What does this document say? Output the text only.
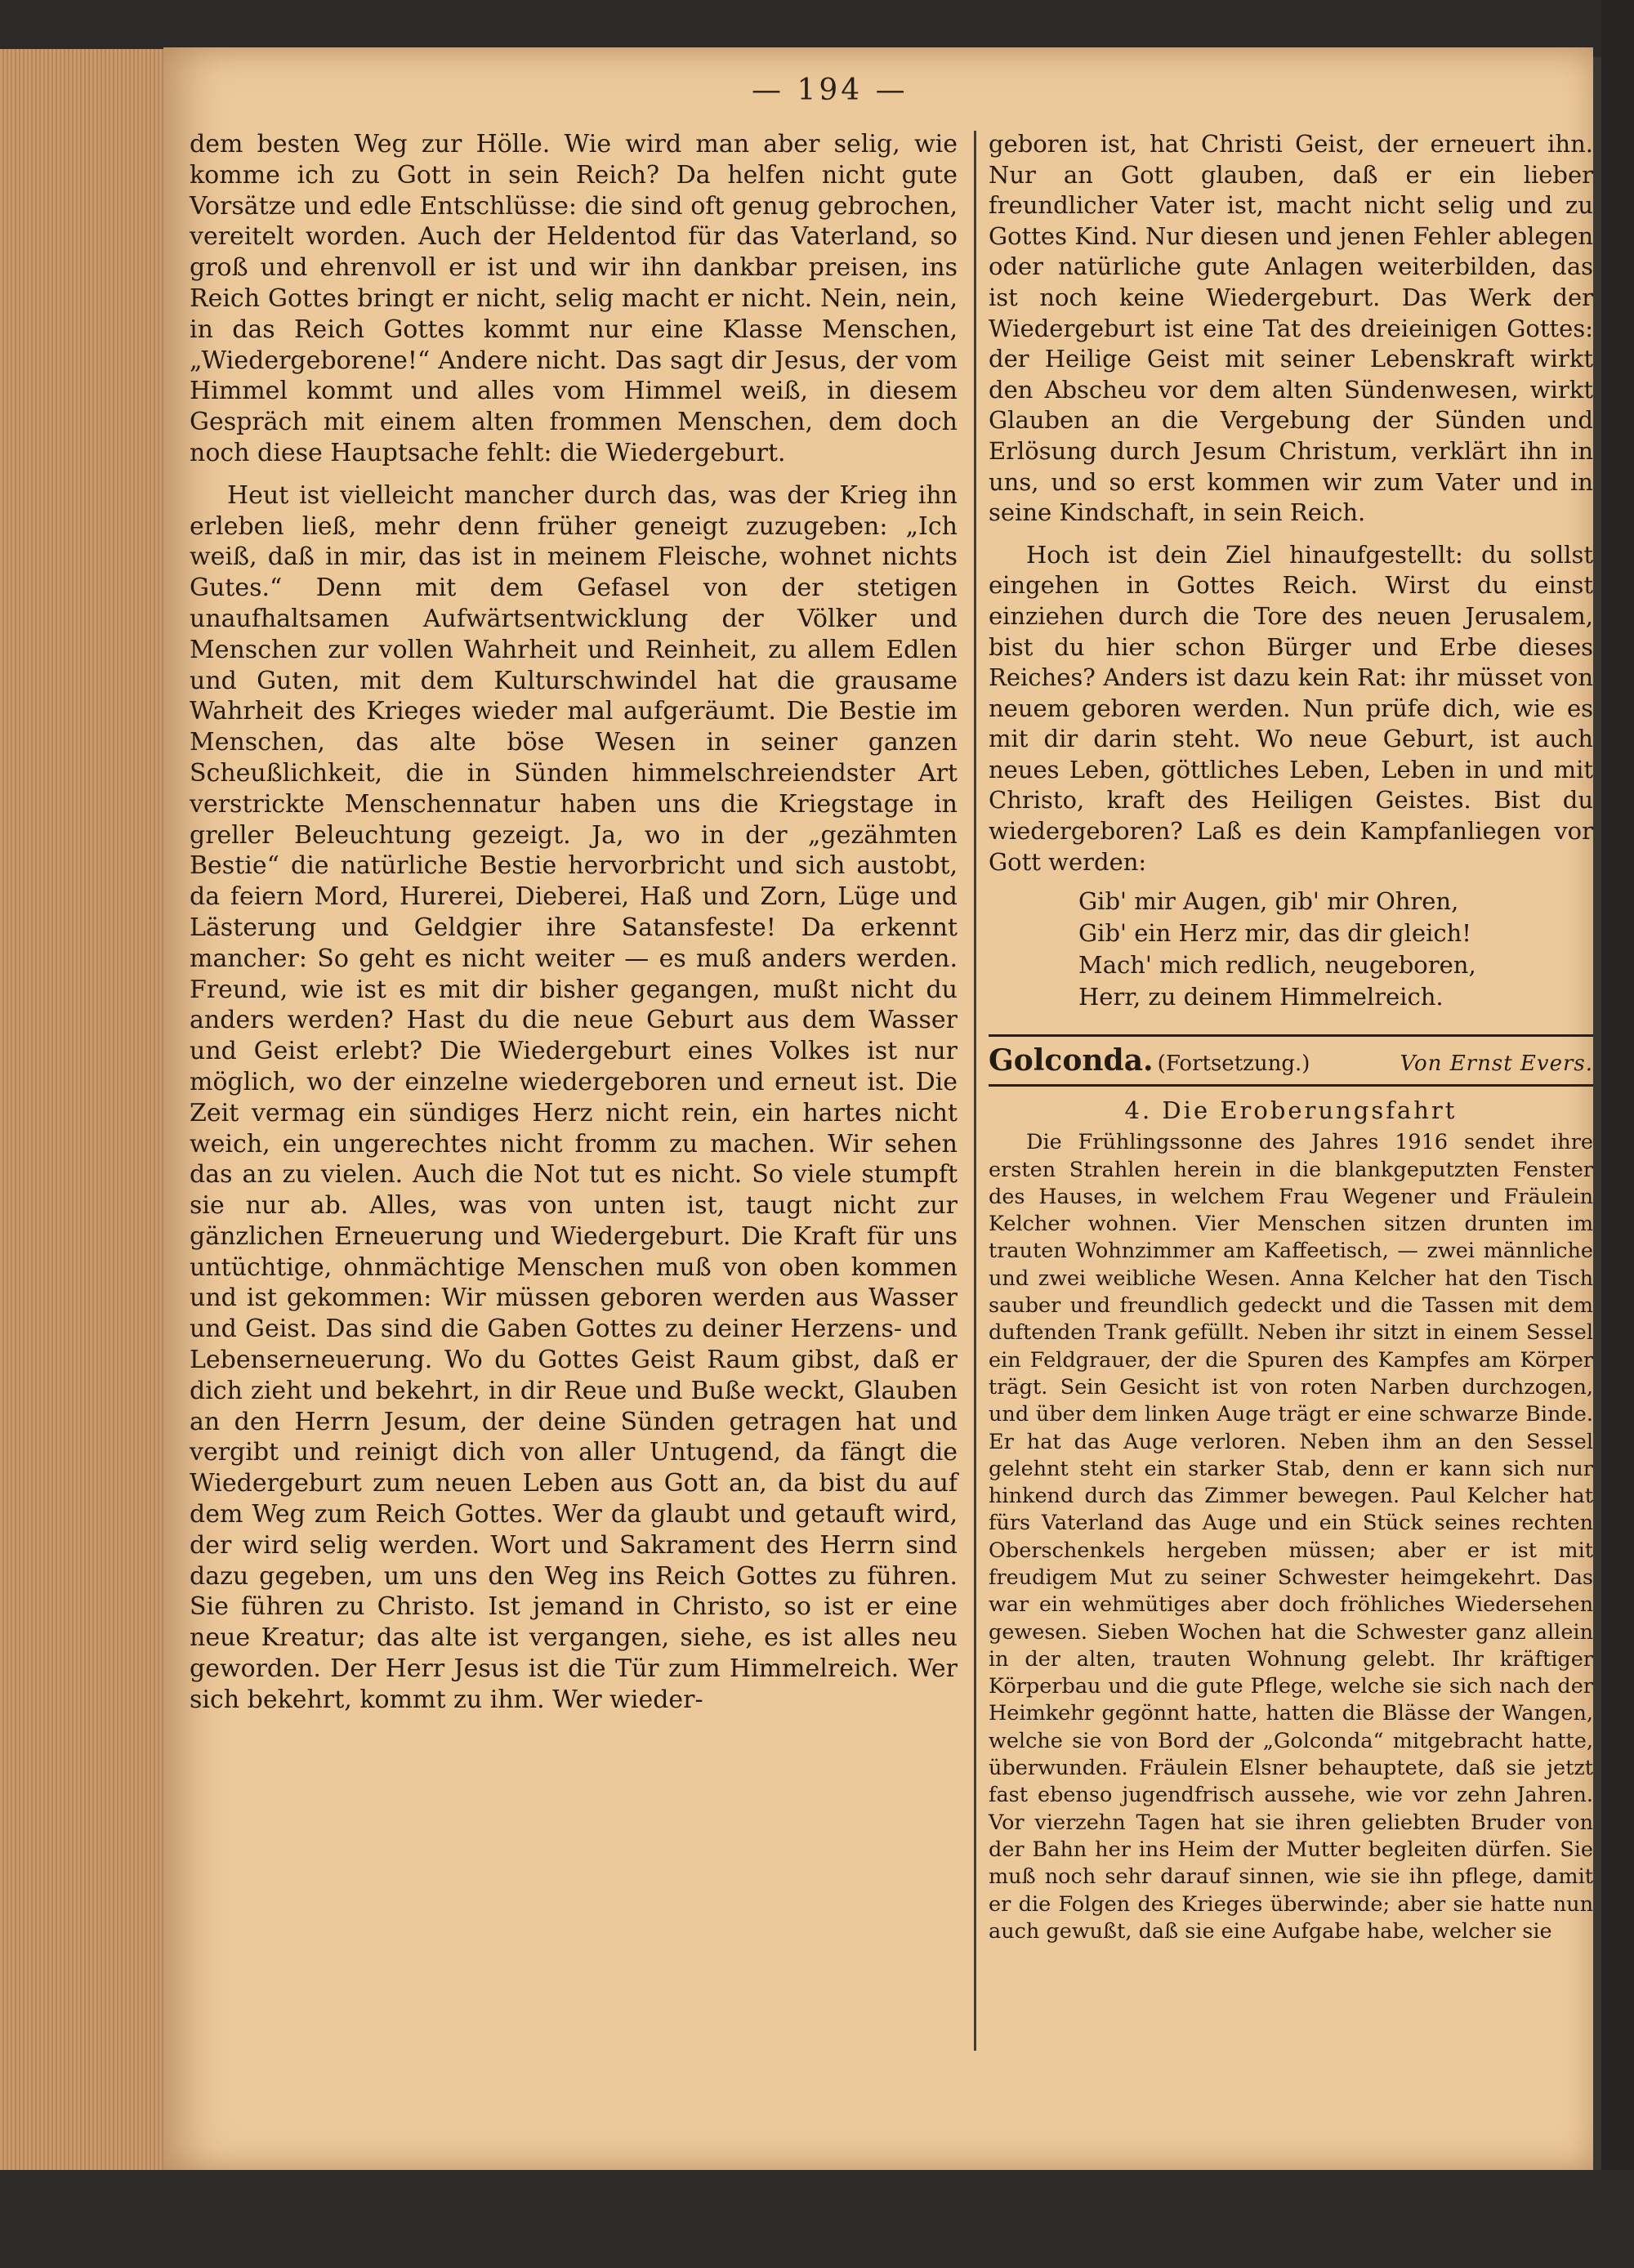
— 194 —

dem besten Weg zur Hölle. Wie wird man aber selig, wie komme ich zu Gott in sein Reich? Da helfen nicht gute Vorsätze und edle Entschlüsse: die sind oft genug gebrochen, vereitelt worden. Auch der Heldentod für das Vaterland, so groß und ehrenvoll er ist und wir ihn dankbar preisen, ins Reich Gottes bringt er nicht, selig macht er nicht. Nein, nein, in das Reich Gottes kommt nur eine Klasse Menschen, „Wiedergeborene!“ Andere nicht. Das sagt dir Jesus, der vom Himmel kommt und alles vom Himmel weiß, in diesem Gespräch mit einem alten frommen Menschen, dem doch noch diese Hauptsache fehlt: die Wiedergeburt.

Heut ist vielleicht mancher durch das, was der Krieg ihn erleben ließ, mehr denn früher geneigt zuzugeben: „Ich weiß, daß in mir, das ist in meinem Fleische, wohnet nichts Gutes.“ Denn mit dem Gefasel von der stetigen unaufhaltsamen Aufwärtsentwicklung der Völker und Menschen zur vollen Wahrheit und Reinheit, zu allem Edlen und Guten, mit dem Kulturschwindel hat die grausame Wahrheit des Krieges wieder mal aufgeräumt. Die Bestie im Menschen, das alte böse Wesen in seiner ganzen Scheußlichkeit, die in Sünden himmelschreiendster Art verstrickte Menschennatur haben uns die Kriegstage in greller Beleuchtung gezeigt. Ja, wo in der „gezähmten Bestie“ die natürliche Bestie hervorbricht und sich austobt, da feiern Mord, Hurerei, Dieberei, Haß und Zorn, Lüge und Lästerung und Geldgier ihre Satansfeste! Da erkennt mancher: So geht es nicht weiter — es muß anders werden. Freund, wie ist es mit dir bisher gegangen, mußt nicht du anders werden? Hast du die neue Geburt aus dem Wasser und Geist erlebt? Die Wiedergeburt eines Volkes ist nur möglich, wo der einzelne wiedergeboren und erneut ist. Die Zeit vermag ein sündiges Herz nicht rein, ein hartes nicht weich, ein ungerechtes nicht fromm zu machen. Wir sehen das an zu vielen. Auch die Not tut es nicht. So viele stumpft sie nur ab. Alles, was von unten ist, taugt nicht zur gänzlichen Erneuerung und Wiedergeburt. Die Kraft für uns untüchtige, ohnmächtige Menschen muß von oben kommen und ist gekommen: Wir müssen geboren werden aus Wasser und Geist. Das sind die Gaben Gottes zu deiner Herzens- und Lebenserneuerung. Wo du Gottes Geist Raum gibst, daß er dich zieht und bekehrt, in dir Reue und Buße weckt, Glauben an den Herrn Jesum, der deine Sünden getragen hat und vergibt und reinigt dich von aller Untugend, da fängt die Wiedergeburt zum neuen Leben aus Gott an, da bist du auf dem Weg zum Reich Gottes. Wer da glaubt und getauft wird, der wird selig werden. Wort und Sakrament des Herrn sind dazu gegeben, um uns den Weg ins Reich Gottes zu führen. Sie führen zu Christo. Ist jemand in Christo, so ist er eine neue Kreatur; das alte ist vergangen, siehe, es ist alles neu geworden. Der Herr Jesus ist die Tür zum Himmelreich. Wer sich bekehrt, kommt zu ihm. Wer wieder-

geboren ist, hat Christi Geist, der erneuert ihn. Nur an Gott glauben, daß er ein lieber freundlicher Vater ist, macht nicht selig und zu Gottes Kind. Nur diesen und jenen Fehler ablegen oder natürliche gute Anlagen weiterbilden, das ist noch keine Wiedergeburt. Das Werk der Wiedergeburt ist eine Tat des dreieinigen Gottes: der Heilige Geist mit seiner Lebenskraft wirkt den Abscheu vor dem alten Sündenwesen, wirkt Glauben an die Vergebung der Sünden und Erlösung durch Jesum Christum, verklärt ihn in uns, und so erst kommen wir zum Vater und in seine Kindschaft, in sein Reich.

Hoch ist dein Ziel hinaufgestellt: du sollst eingehen in Gottes Reich. Wirst du einst einziehen durch die Tore des neuen Jerusalem, bist du hier schon Bürger und Erbe dieses Reiches? Anders ist dazu kein Rat: ihr müsset von neuem geboren werden. Nun prüfe dich, wie es mit dir darin steht. Wo neue Geburt, ist auch neues Leben, göttliches Leben, Leben in und mit Christo, kraft des Heiligen Geistes. Bist du wiedergeboren? Laß es dein Kampfanliegen vor Gott werden:

Gib' mir Augen, gib' mir Ohren,
Gib' ein Herz mir, das dir gleich!
Mach' mich redlich, neugeboren,
Herr, zu deinem Himmelreich.
Golconda. (Fortsetzung.)	Von Ernst Evers.
4. Die Eroberungsfahrt

Die Frühlingssonne des Jahres 1916 sendet ihre ersten Strahlen herein in die blankgeputzten Fenster des Hauses, in welchem Frau Wegener und Fräulein Kelcher wohnen. Vier Menschen sitzen drunten im trauten Wohnzimmer am Kaffeetisch, — zwei männliche und zwei weibliche Wesen. Anna Kelcher hat den Tisch sauber und freundlich gedeckt und die Tassen mit dem duftenden Trank gefüllt. Neben ihr sitzt in einem Sessel ein Feldgrauer, der die Spuren des Kampfes am Körper trägt. Sein Gesicht ist von roten Narben durchzogen, und über dem linken Auge trägt er eine schwarze Binde. Er hat das Auge verloren. Neben ihm an den Sessel gelehnt steht ein starker Stab, denn er kann sich nur hinkend durch das Zimmer bewegen. Paul Kelcher hat fürs Vaterland das Auge und ein Stück seines rechten Oberschenkels hergeben müssen; aber er ist mit freudigem Mut zu seiner Schwester heimgekehrt. Das war ein wehmütiges aber doch fröhliches Wiedersehen gewesen. Sieben Wochen hat die Schwester ganz allein in der alten, trauten Wohnung gelebt. Ihr kräftiger Körperbau und die gute Pflege, welche sie sich nach der Heimkehr gegönnt hatte, hatten die Blässe der Wangen, welche sie von Bord der „Golconda“ mitgebracht hatte, überwunden. Fräulein Elsner behauptete, daß sie jetzt fast ebenso jugendfrisch aussehe, wie vor zehn Jahren. Vor vierzehn Tagen hat sie ihren geliebten Bruder von der Bahn her ins Heim der Mutter begleiten dürfen. Sie muß noch sehr darauf sinnen, wie sie ihn pflege, damit er die Folgen des Krieges überwinde; aber sie hatte nun auch gewußt, daß sie eine Aufgabe habe, welcher sie
